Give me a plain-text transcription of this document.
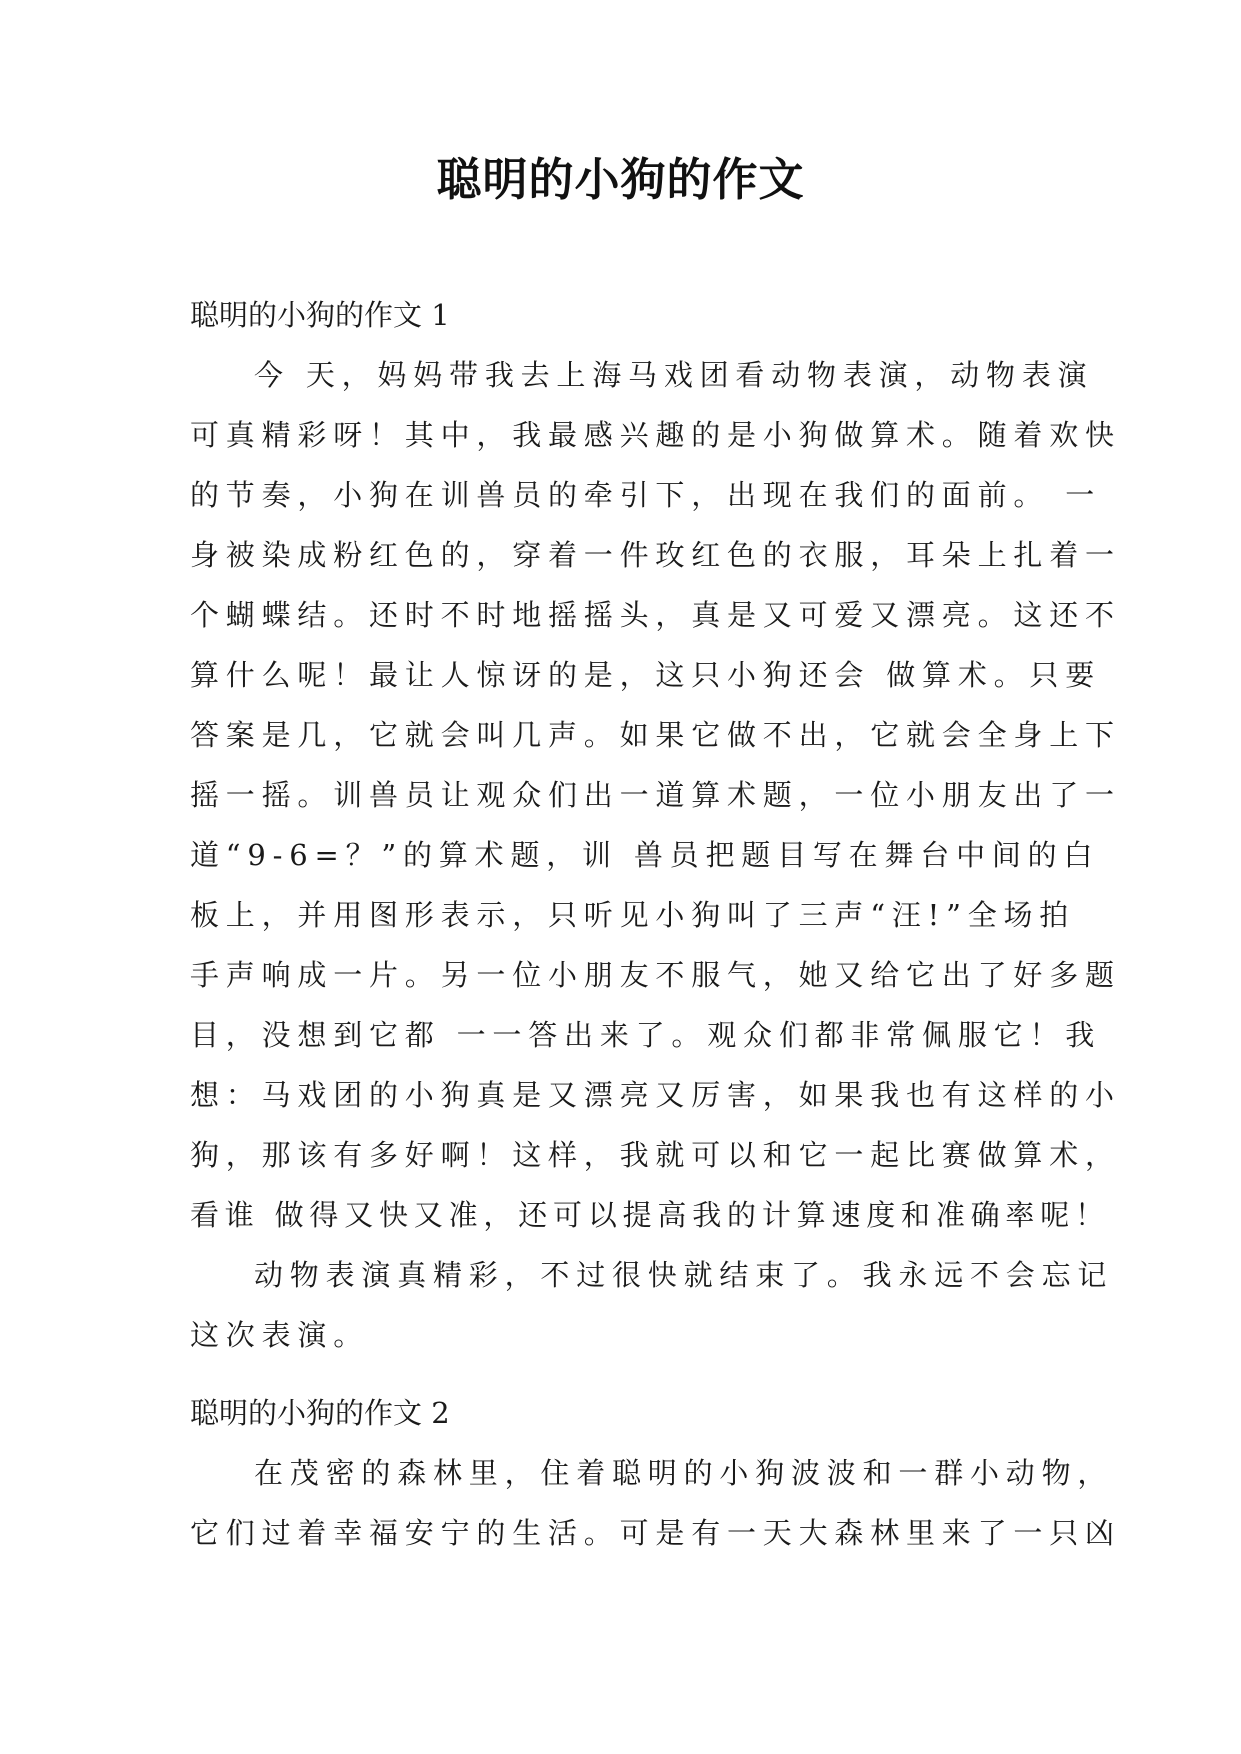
聪明的小狗的作文
聪明的小狗的作文 1
今 天，妈妈带我去上海马戏团看动物表演，动物表演
可真精彩呀！其中，我最感兴趣的是小狗做算术。随着欢快
的节奏，小狗在训兽员的牵引下，出现在我们的面前。 一
身被染成粉红色的，穿着一件玫红色的衣服，耳朵上扎着一
个蝴蝶结。还时不时地摇摇头，真是又可爱又漂亮。这还不
算什么呢！最让人惊讶的是，这只小狗还会 做算术。只要
答案是几，它就会叫几声。如果它做不出，它就会全身上下
摇一摇。训兽员让观众们出一道算术题，一位小朋友出了一
道“9-6=？”的算术题，训 兽员把题目写在舞台中间的白
板上，并用图形表示，只听见小狗叫了三声“汪!”全场拍
手声响成一片。另一位小朋友不服气，她又给它出了好多题
目，没想到它都 一一答出来了。观众们都非常佩服它！我
想：马戏团的小狗真是又漂亮又厉害，如果我也有这样的小
狗，那该有多好啊！这样，我就可以和它一起比赛做算术，
看谁 做得又快又准，还可以提高我的计算速度和准确率呢！
动物表演真精彩，不过很快就结束了。我永远不会忘记
这次表演。
聪明的小狗的作文 2
在茂密的森林里，住着聪明的小狗波波和一群小动物，
它们过着幸福安宁的生活。可是有一天大森林里来了一只凶
